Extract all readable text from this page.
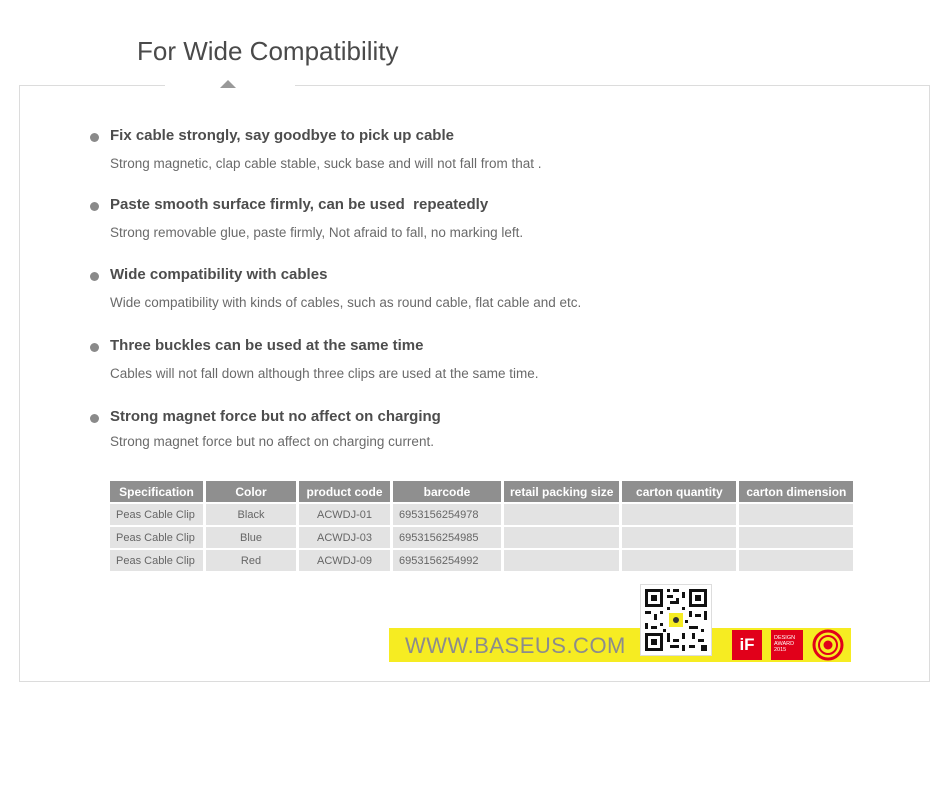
For Wide Compatibility
Fix cable strongly, say goodbye to pick up cable
Strong magnetic, clap cable stable, suck base and will not fall from that .
Paste smooth surface firmly, can be used  repeatedly
Strong removable glue, paste firmly, Not afraid to fall, no marking left.
Wide compatibility with cables
Wide compatibility with kinds of cables, such as round cable, flat cable and etc.
Three buckles can be used at the same time
Cables will not fall down although three clips are used at the same time.
Strong magnet force but no affect on charging
Strong magnet force but no affect on charging current.
Specification	Color	product code	barcode	retail packing size	carton quantity	carton dimension
Peas Cable Clip	Black	ACWDJ-01	6953156254978			
Peas Cable Clip	Blue	ACWDJ-03	6953156254985			
Peas Cable Clip	Red	ACWDJ-09	6953156254992			
WWW.BASEUS.COM	iF	DESIGN
AWARD
2015
